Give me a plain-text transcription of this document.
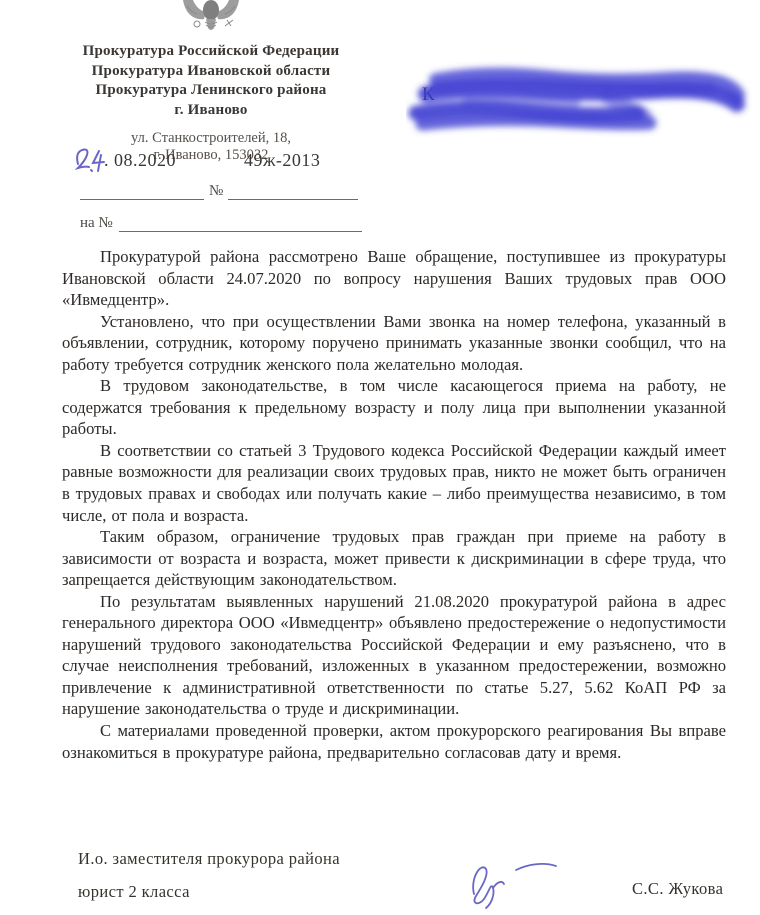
Прокуратура Российской Федерации
Прокуратура Ивановской области
Прокуратура Ленинского района
г. Иваново
ул. Станкостроителей, 18,
г. Иваново, 153032
. 08.2020	49ж-2013
№
на №
К

Прокуратурой района рассмотрено Ваше обращение, поступившее из прокуратуры Ивановской области 24.07.2020 по вопросу нарушения Ваших трудовых прав ООО «Ивмедцентр».

Установлено, что при осуществлении Вами звонка на номер телефона, указанный в объявлении, сотрудник, которому поручено принимать указанные звонки сообщил, что на работу требуется сотрудник женского пола желательно молодая.

В трудовом законодательстве, в том числе касающегося приема на работу, не содержатся требования к предельному возрасту и полу лица при выполнении указанной работы.

В соответствии со статьей 3 Трудового кодекса Российской Федерации каждый имеет равные возможности для реализации своих трудовых прав, никто не может быть ограничен в трудовых правах и свободах или получать какие – либо преимущества независимо, в том числе, от пола и возраста.

Таким образом, ограничение трудовых прав граждан при приеме на работу в зависимости от возраста и возраста, может привести к дискриминации в сфере труда, что запрещается действующим законодательством.

По результатам выявленных нарушений 21.08.2020 прокуратурой района в адрес генерального директора ООО «Ивмедцентр» объявлено предостережение о недопустимости нарушений трудового законодательства Российской Федерации и ему разъяснено, что в случае неисполнения требований, изложенных в указанном предостережении, возможно привлечение к административной ответственности по статье 5.27, 5.62 КоАП РФ за нарушение законодательства о труде и дискриминации.

С материалами проведенной проверки, актом прокурорского реагирования Вы вправе ознакомиться в прокуратуре района, предварительно согласовав дату и время.

И.о. заместителя прокурора района
юрист 2 класса	С.С. Жукова
